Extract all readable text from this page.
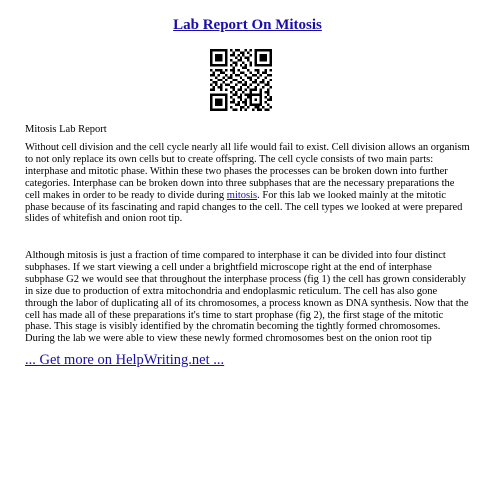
Lab Report On Mitosis
Mitosis Lab Report

Without cell division and the cell cycle nearly all life would fail to exist. Cell division allows an organism to not only replace its own cells but to create offspring. The cell cycle consists of two main parts: interphase and mitotic phase. Within these two phases the processes can be broken down into further categories. Interphase can be broken down into three subphases that are the necessary preparations the cell makes in order to be ready to divide during mitosis. For this lab we looked mainly at the mitotic phase because of its fascinating and rapid changes to the cell. The cell types we looked at were prepared slides of whitefish and onion root tip.

Although mitosis is just a fraction of time compared to interphase it can be divided into four distinct subphases. If we start viewing a cell under a brightfield microscope right at the end of interphase subphase G2 we would see that throughout the interphase process (fig 1) the cell has grown considerably in size due to production of extra mitochondria and endoplasmic reticulum. The cell has also gone through the labor of duplicating all of its chromosomes, a process known as DNA synthesis. Now that the cell has made all of these preparations it's time to start prophase (fig 2), the first stage of the mitotic phase. This stage is visibly identified by the chromatin becoming the tightly formed chromosomes. During the lab we were able to view these newly formed chromosomes best on the onion root tip

... Get more on HelpWriting.net ...
